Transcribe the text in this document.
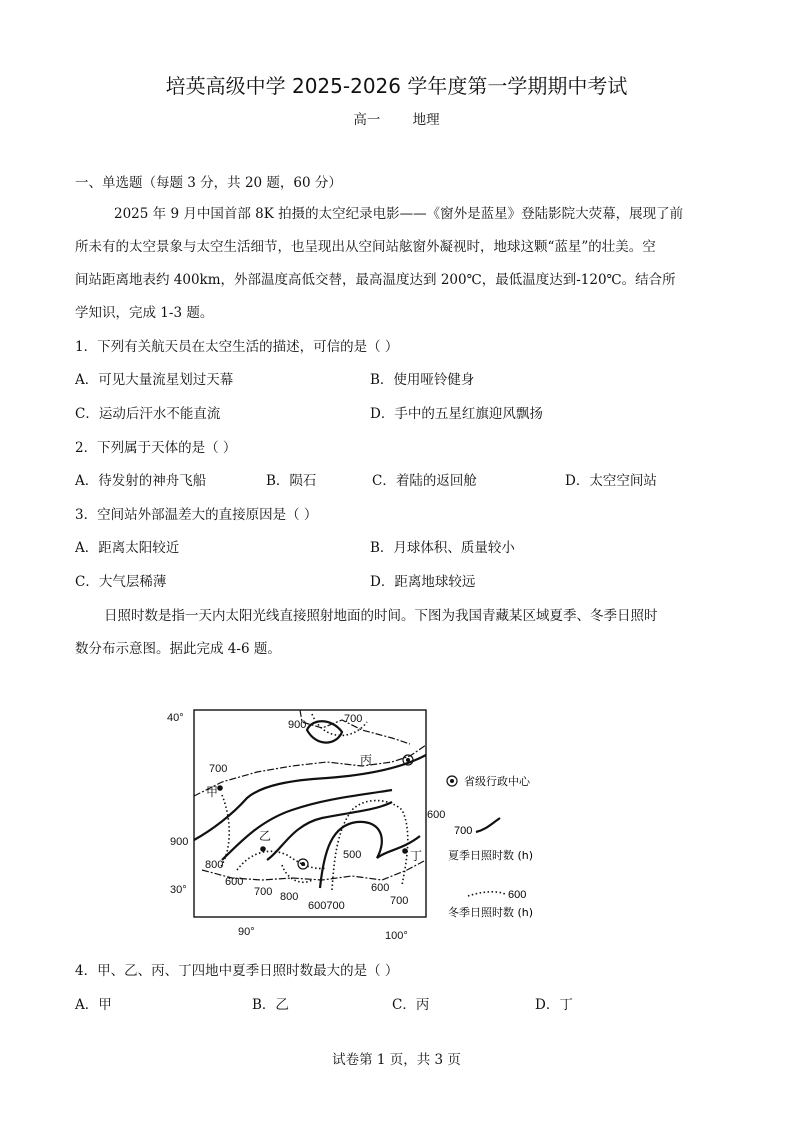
培英高级中学 2025-2026 学年度第一学期期中考试
高一 地理
一、单选题（每题 3 分，共 20 题，60 分）
2025 年 9 月中国首部 8K 拍摄的太空纪录电影——《窗外是蓝星》登陆影院大荧幕，展现了前
所未有的太空景象与太空生活细节，也呈现出从空间站舷窗外凝视时，地球这颗“蓝星”的壮美。空
间站距离地表约 400km，外部温度高低交替，最高温度达到 200℃，最低温度达到-120℃。结合所
学知识，完成 1-3 题。
1．下列有关航天员在太空生活的描述，可信的是（ ）
A．可见大量流星划过天幕	B．使用哑铃健身
C．运动后汗水不能直流	D．手中的五星红旗迎风飘扬
2．下列属于天体的是（ ）
A．待发射的神舟飞船	B．陨石	C．着陆的返回舱	D．太空空间站
3．空间站外部温差大的直接原因是（ ）
A．距离太阳较近	B．月球体积、质量较小
C．大气层稀薄	D．距离地球较远
日照时数是指一天内太阳光线直接照射地面的时间。下图为我国青藏某区域夏季、冬季日照时
数分布示意图。据此完成 4-6 题。
40°
30°
90°	100°
900	700
700
900
800
600
700 800
600700
500
600
700
600
甲
乙
丙
丁
省级行政中心
700
夏季日照时数 (h)
600
冬季日照时数 (h)
4．甲、乙、丙、丁四地中夏季日照时数最大的是（ ）
A．甲	B．乙	C．丙	D．丁
试卷第 1 页，共 3 页
